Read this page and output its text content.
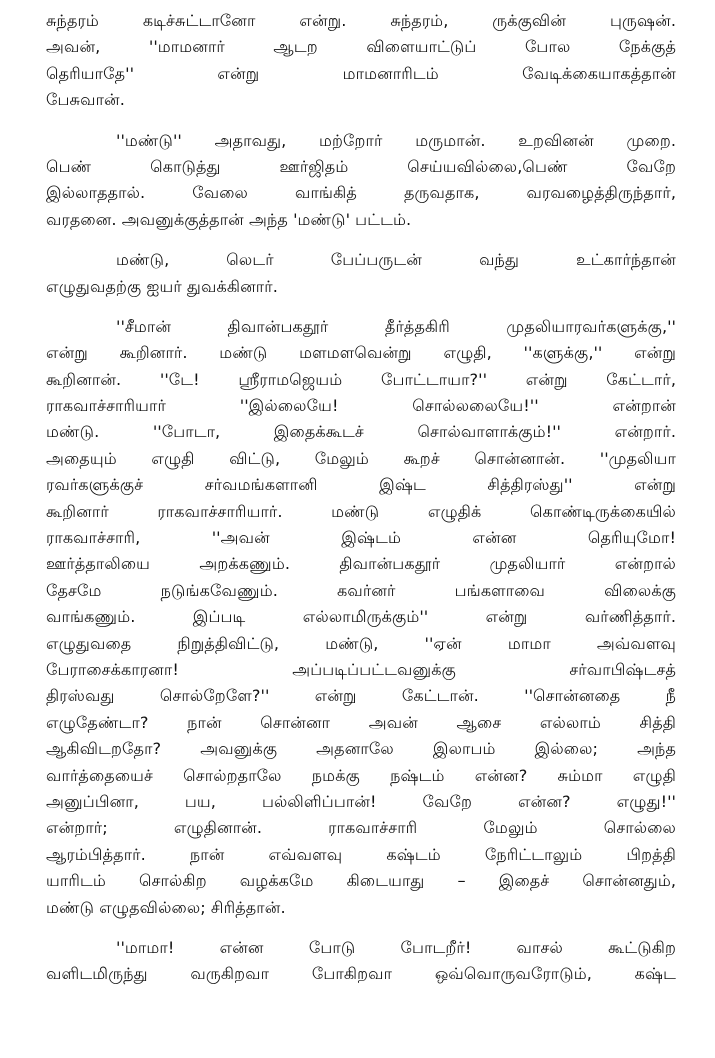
சுந்தரம் கடிச்சுட்டானோ என்று. சுந்தரம், ருக்குவின் புருஷன்.
அவன், ''மாமனார் ஆடற விளையாட்டுப் போல நேக்குத்
தெரியாதே'' என்று மாமனாரிடம் வேடிக்கையாகத்தான்
பேசுவான்.
''மண்டு'' அதாவது, மற்றோர் மருமான். உறவினன் முறை.
பெண் கொடுத்து ஊர்ஜிதம் செய்யவில்லை,பெண் வேறே
இல்லாததால். வேலை வாங்கித் தருவதாக, வரவழைத்திருந்தார்,
வரதனை. அவனுக்குத்தான் அந்த 'மண்டு' பட்டம்.
மண்டு, லெடர் பேப்பருடன் வந்து உட்கார்ந்தான்
எழுதுவதற்கு ஐயர் துவக்கினார்.
''சீமான் திவான்பகதூர் தீர்த்தகிரி முதலியாரவர்களுக்கு,''
என்று கூறினார். மண்டு மளமளவென்று எழுதி, ''களுக்கு,'' என்று
கூறினான். ''டே! ஸ்ரீராமஜெயம் போட்டாயா?'' என்று கேட்டார்,
ராகவாச்சாரியார் ''இல்லையே! சொல்லலையே!'' என்றான்
மண்டு. ''போடா, இதைக்கூடச் சொல்வாளாக்கும்!'' என்றார்.
அதையும் எழுதி விட்டு, மேலும் கூறச் சொன்னான். ''முதலியா
ரவர்களுக்குச் சர்வமங்களானி இஷ்ட சித்திரஸ்து'' என்று
கூறினார் ராகவாச்சாரியார். மண்டு எழுதிக் கொண்டிருக்கையில்
ராகவாச்சாரி, ''அவன் இஷ்டம் என்ன தெரியுமோ!
ஊர்த்தாலியை அறக்கணும். திவான்பகதூர் முதலியார் என்றால்
தேசமே நடுங்கவேணும். கவர்னர் பங்களாவை விலைக்கு
வாங்கணும். இப்படி எல்லாமிருக்கும்'' என்று வர்ணித்தார்.
எழுதுவதை நிறுத்திவிட்டு, மண்டு, ''ஏன் மாமா அவ்வளவு
பேராசைக்காரனா! அப்படிப்பட்டவனுக்கு சர்வாபிஷ்டசத்
திரஸ்வது சொல்றேளே?'' என்று கேட்டான். ''சொன்னதை நீ
எழுதேண்டா? நான் சொன்னா அவன் ஆசை எல்லாம் சித்தி
ஆகிவிடறதோ? அவனுக்கு அதனாலே இலாபம் இல்லை; அந்த
வார்த்தையைச் சொல்றதாலே நமக்கு நஷ்டம் என்ன? சும்மா எழுதி
அனுப்பினா, பய, பல்லிளிப்பான்! வேறே என்ன? எழுது!''
என்றார்; எழுதினான். ராகவாச்சாரி மேலும் சொல்லை
ஆரம்பித்தார். நான் எவ்வளவு கஷ்டம் நேரிட்டாலும் பிறத்தி
யாரிடம் சொல்கிற வழக்கமே கிடையாது – இதைச் சொன்னதும்,
மண்டு எழுதவில்லை; சிரித்தான்.
''மாமா! என்ன போடு போடறீர்! வாசல் கூட்டுகிற
வளிடமிருந்து வருகிறவா போகிறவா ஒவ்வொருவரோடும், கஷ்ட
